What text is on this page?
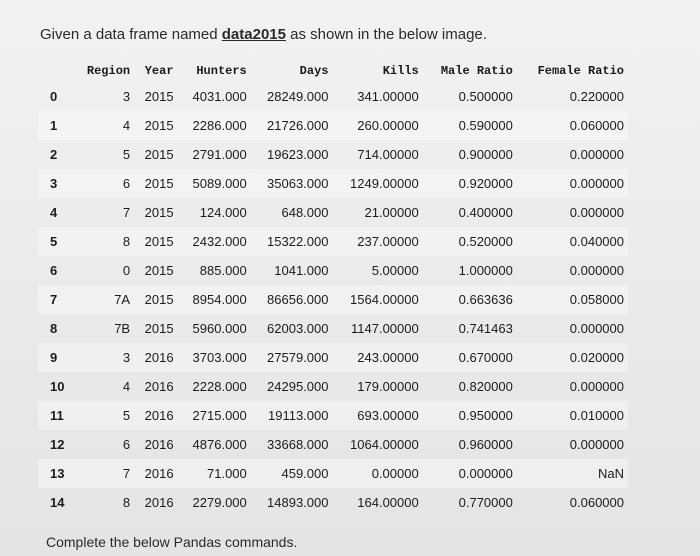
Given a data frame named data2015 as shown in the below image.
	Region	Year	Hunters	Days	Kills	Male Ratio	Female Ratio
0	3	2015	4031.000	28249.000	341.00000	0.500000	0.220000
1	4	2015	2286.000	21726.000	260.00000	0.590000	0.060000
2	5	2015	2791.000	19623.000	714.00000	0.900000	0.000000
3	6	2015	5089.000	35063.000	1249.00000	0.920000	0.000000
4	7	2015	124.000	648.000	21.00000	0.400000	0.000000
5	8	2015	2432.000	15322.000	237.00000	0.520000	0.040000
6	0	2015	885.000	1041.000	5.00000	1.000000	0.000000
7	7A	2015	8954.000	86656.000	1564.00000	0.663636	0.058000
8	7B	2015	5960.000	62003.000	1147.00000	0.741463	0.000000
9	3	2016	3703.000	27579.000	243.00000	0.670000	0.020000
10	4	2016	2228.000	24295.000	179.00000	0.820000	0.000000
11	5	2016	2715.000	19113.000	693.00000	0.950000	0.010000
12	6	2016	4876.000	33668.000	1064.00000	0.960000	0.000000
13	7	2016	71.000	459.000	0.00000	0.000000	NaN
14	8	2016	2279.000	14893.000	164.00000	0.770000	0.060000
Complete the below Pandas commands.
